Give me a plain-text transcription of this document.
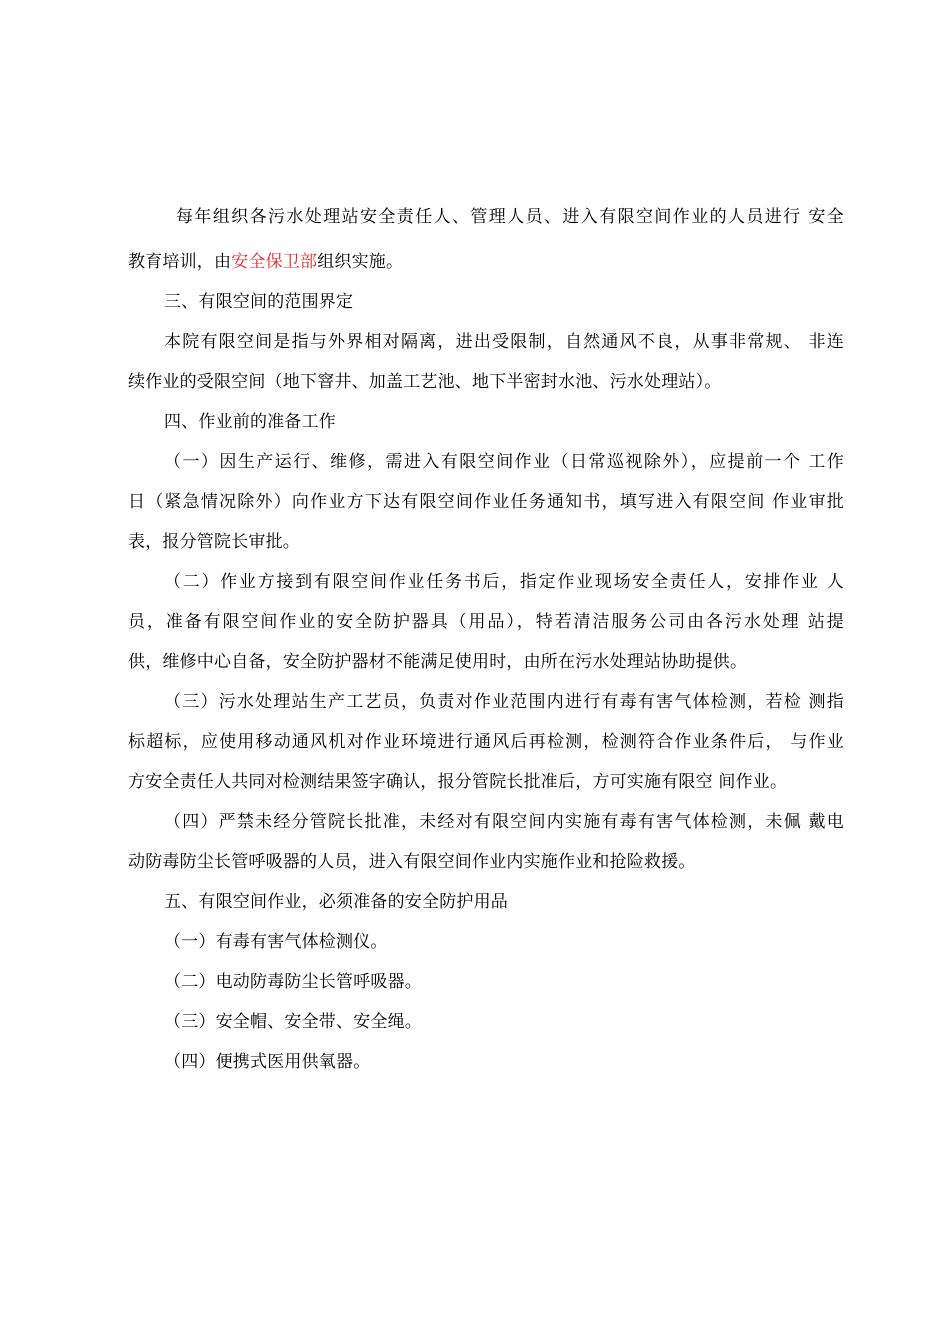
每年组织各污水处理站安全责任人、管理人员、进入有限空间作业的人员进行 安全
教育培训，由安全保卫部组织实施。
三、有限空间的范围界定
本院有限空间是指与外界相对隔离，进出受限制，自然通风不良，从事非常规、 非连
续作业的受限空间（地下窨井、加盖工艺池、地下半密封水池、污水处理站）。
四、作业前的准备工作
（一）因生产运行、维修，需进入有限空间作业（日常巡视除外），应提前一个 工作
日（紧急情况除外）向作业方下达有限空间作业任务通知书，填写进入有限空间 作业审批
表，报分管院长审批。
（二）作业方接到有限空间作业任务书后，指定作业现场安全责任人，安排作业 人
员，准备有限空间作业的安全防护器具（用品），特若清洁服务公司由各污水处理 站提
供，维修中心自备，安全防护器材不能满足使用时，由所在污水处理站协助提供。
（三）污水处理站生产工艺员，负责对作业范围内进行有毒有害气体检测，若检 测指
标超标，应使用移动通风机对作业环境进行通风后再检测，检测符合作业条件后， 与作业
方安全责任人共同对检测结果签字确认，报分管院长批准后，方可实施有限空 间作业。
（四）严禁未经分管院长批准，未经对有限空间内实施有毒有害气体检测，未佩 戴电
动防毒防尘长管呼吸器的人员，进入有限空间作业内实施作业和抢险救援。
五、有限空间作业，必须准备的安全防护用品
（一）有毒有害气体检测仪。
（二）电动防毒防尘长管呼吸器。
（三）安全帽、安全带、安全绳。
（四）便携式医用供氧器。
